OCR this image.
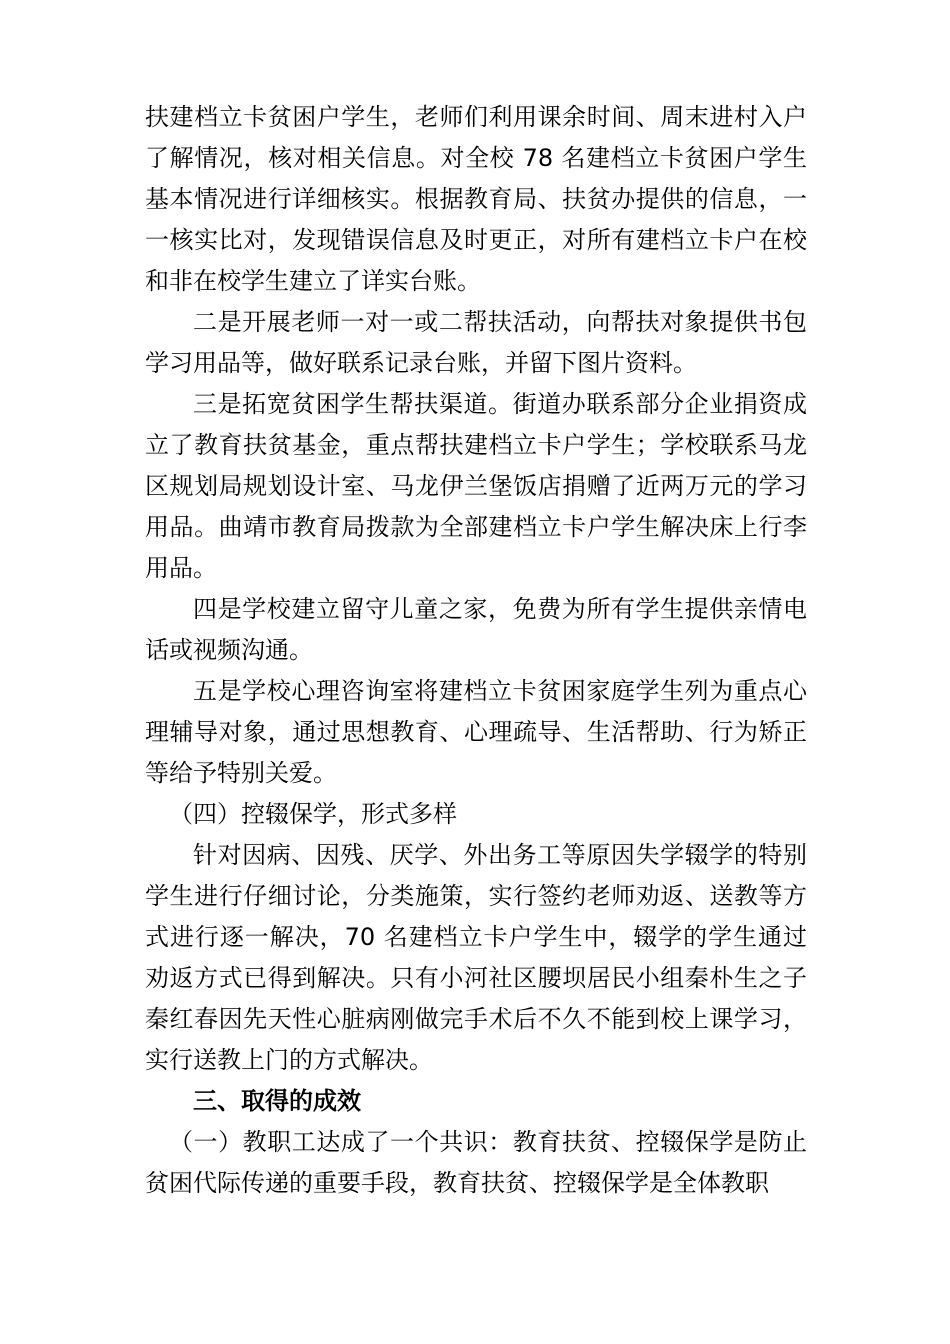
扶建档立卡贫困户学生，老师们利用课余时间、周末进村入户了解情况，核对相关信息。对全校 78 名建档立卡贫困户学生基本情况进行详细核实。根据教育局、扶贫办提供的信息，一一核实比对，发现错误信息及时更正，对所有建档立卡户在校和非在校学生建立了详实台账。

二是开展老师一对一或二帮扶活动，向帮扶对象提供书包学习用品等，做好联系记录台账，并留下图片资料。

三是拓宽贫困学生帮扶渠道。街道办联系部分企业捐资成立了教育扶贫基金，重点帮扶建档立卡户学生；学校联系马龙区规划局规划设计室、马龙伊兰堡饭店捐赠了近两万元的学习用品。曲靖市教育局拨款为全部建档立卡户学生解决床上行李用品。

四是学校建立留守儿童之家，免费为所有学生提供亲情电话或视频沟通。

五是学校心理咨询室将建档立卡贫困家庭学生列为重点心理辅导对象，通过思想教育、心理疏导、生活帮助、行为矫正等给予特别关爱。

（四）控辍保学，形式多样

针对因病、因残、厌学、外出务工等原因失学辍学的特别学生进行仔细讨论，分类施策，实行签约老师劝返、送教等方式进行逐一解决，70 名建档立卡户学生中，辍学的学生通过劝返方式已得到解决。只有小河社区腰坝居民小组秦朴生之子秦红春因先天性心脏病刚做完手术后不久不能到校上课学习，实行送教上门的方式解决。

三、取得的成效

（一）教职工达成了一个共识：教育扶贫、控辍保学是防止贫困代际传递的重要手段，教育扶贫、控辍保学是全体教职
